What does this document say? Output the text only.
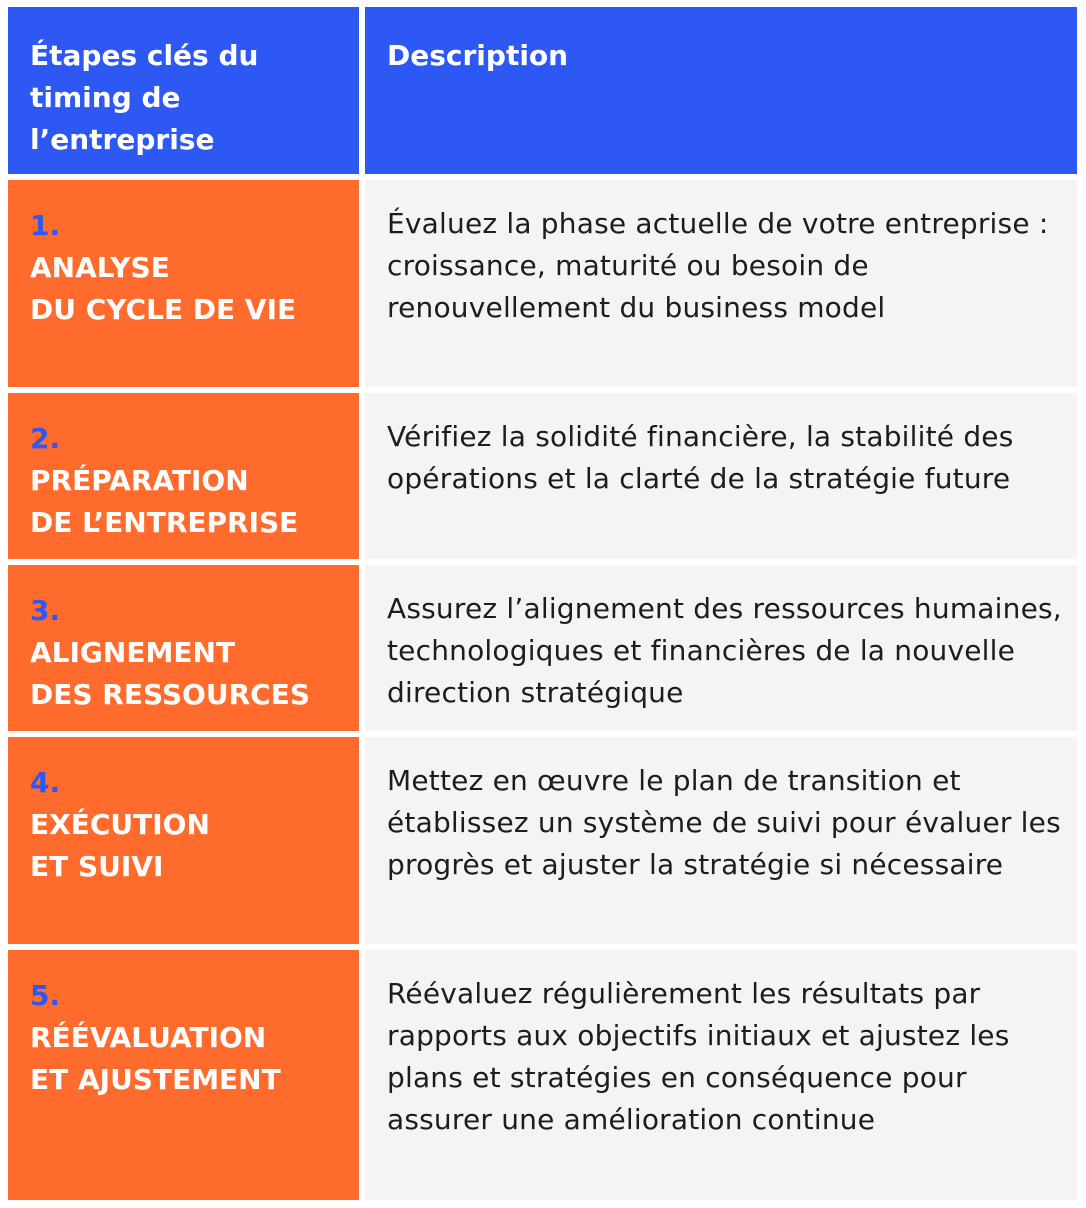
Étapes clés du timing de l’entreprise
Description
1.
ANALYSE
DU CYCLE DE VIE
Évaluez la phase actuelle de votre entreprise : croissance, maturité ou besoin de renouvellement du business model
2.
PRÉPARATION
DE L’ENTREPRISE
Vérifiez la solidité financière, la stabilité des opérations et la clarté de la stratégie future
3.
ALIGNEMENT
DES RESSOURCES
Assurez l’alignement des ressources humaines, technologiques et financières de la nouvelle direction stratégique
4.
EXÉCUTION
ET SUIVI
Mettez en œuvre le plan de transition et établissez un système de suivi pour évaluer les progrès et ajuster la stratégie si nécessaire
5.
RÉÉVALUATION
ET AJUSTEMENT
Réévaluez régulièrement les résultats par rapports aux objectifs initiaux et ajustez les plans et stratégies en conséquence pour assurer une amélioration continue
